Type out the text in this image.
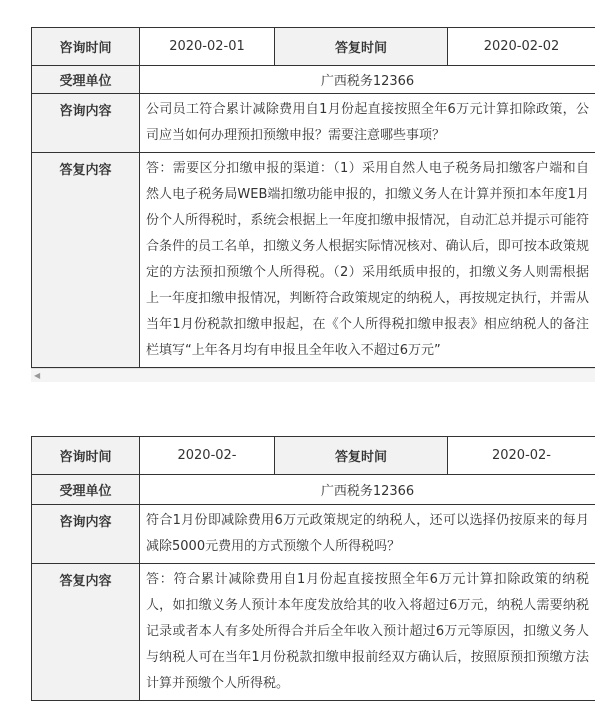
咨询时间	2020-02-01	答复时间	2020-02-02
受理单位	广西税务12366		
咨询内容	公司员工符合累计减除费用自1月份起直接按照全年6万元计算扣除政策，公司应当如何办理预扣预缴申报？需要注意哪些事项？		
答复内容	答：需要区分扣缴申报的渠道：（1）采用自然人电子税务局扣缴客户端和自然人电子税务局WEB端扣缴功能申报的，扣缴义务人在计算并预扣本年度1月份个人所得税时，系统会根据上一年度扣缴申报情况，自动汇总并提示可能符合条件的员工名单，扣缴义务人根据实际情况核对、确认后，即可按本政策规定的方法预扣预缴个人所得税。（2）采用纸质申报的，扣缴义务人则需根据上一年度扣缴申报情况，判断符合政策规定的纳税人，再按规定执行，并需从当年1月份税款扣缴申报起，在《个人所得税扣缴申报表》相应纳税人的备注栏填写“上年各月均有申报且全年收入不超过6万元”		
◀
咨询时间	2020-02-	答复时间	2020-02-
受理单位	广西税务12366		
咨询内容	符合1月份即减除费用6万元政策规定的纳税人，还可以选择仍按原来的每月减除5000元费用的方式预缴个人所得税吗？		
答复内容	答：符合累计减除费用自1月份起直接按照全年6万元计算扣除政策的纳税人，如扣缴义务人预计本年度发放给其的收入将超过6万元，纳税人需要纳税记录或者本人有多处所得合并后全年收入预计超过6万元等原因，扣缴义务人与纳税人可在当年1月份税款扣缴申报前经双方确认后，按照原预扣预缴方法计算并预缴个人所得税。		
